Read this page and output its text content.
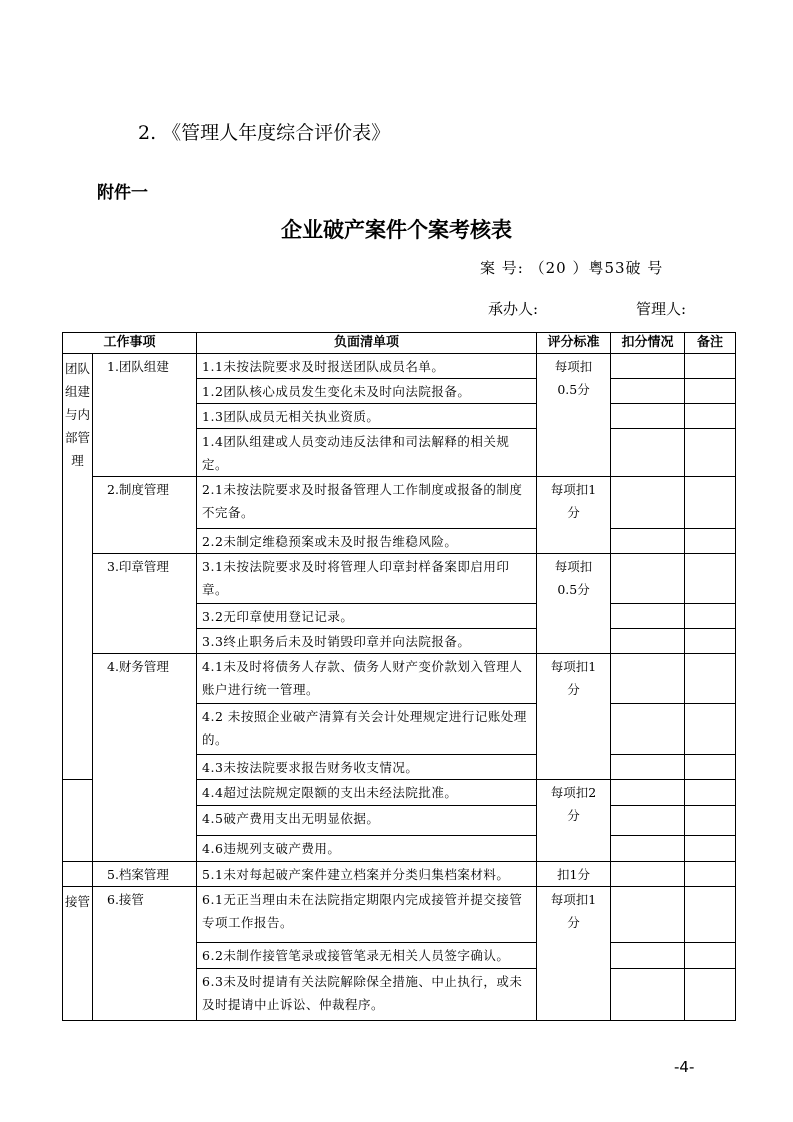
2. 《管理人年度综合评价表》
附件一
企业破产案件个案考核表
案 号: （20 ）粤53破 号
承办人:	管理人:
工作事项		负面清单项	评分标准	扣分情况	备注
团队组建与内部管理	1.团队组建	1.1未按法院要求及时报送团队成员名单。	每项扣
0.5分		

		1.2团队核心成员发生变化未及时向法院报备。			
		1.3团队成员无相关执业资质。			
		1.4团队组建或人员变动违反法律和司法解释的相关规定。			
	2.制度管理	2.1未按法院要求及时报备管理人工作制度或报备的制度不完备。	每项扣1
分		

		2.2未制定维稳预案或未及时报告维稳风险。			
	3.印章管理	3.1未按法院要求及时将管理人印章封样备案即启用印章。	每项扣
0.5分		

		3.2无印章使用登记记录。			
		3.3终止职务后未及时销毁印章并向法院报备。			
	4.财务管理	4.1未及时将债务人存款、债务人财产变价款划入管理人账户进行统一管理。	每项扣1
分		

		4.2 未按照企业破产清算有关会计处理规定进行记账处理的。			
		4.3未按法院要求报告财务收支情况。			
		4.4超过法院规定限额的支出未经法院批准。	每项扣2
分		

		4.5破产费用支出无明显依据。			
		4.6违规列支破产费用。			
	5.档案管理	5.1未对每起破产案件建立档案并分类归集档案材料。	扣1分		

接管	6.接管	6.1无正当理由未在法院指定期限内完成接管并提交接管专项工作报告。	每项扣1
分		

		6.2未制作接管笔录或接管笔录无相关人员签字确认。			
		6.3未及时提请有关法院解除保全措施、中止执行，或未及时提请中止诉讼、仲裁程序。			
-4-
